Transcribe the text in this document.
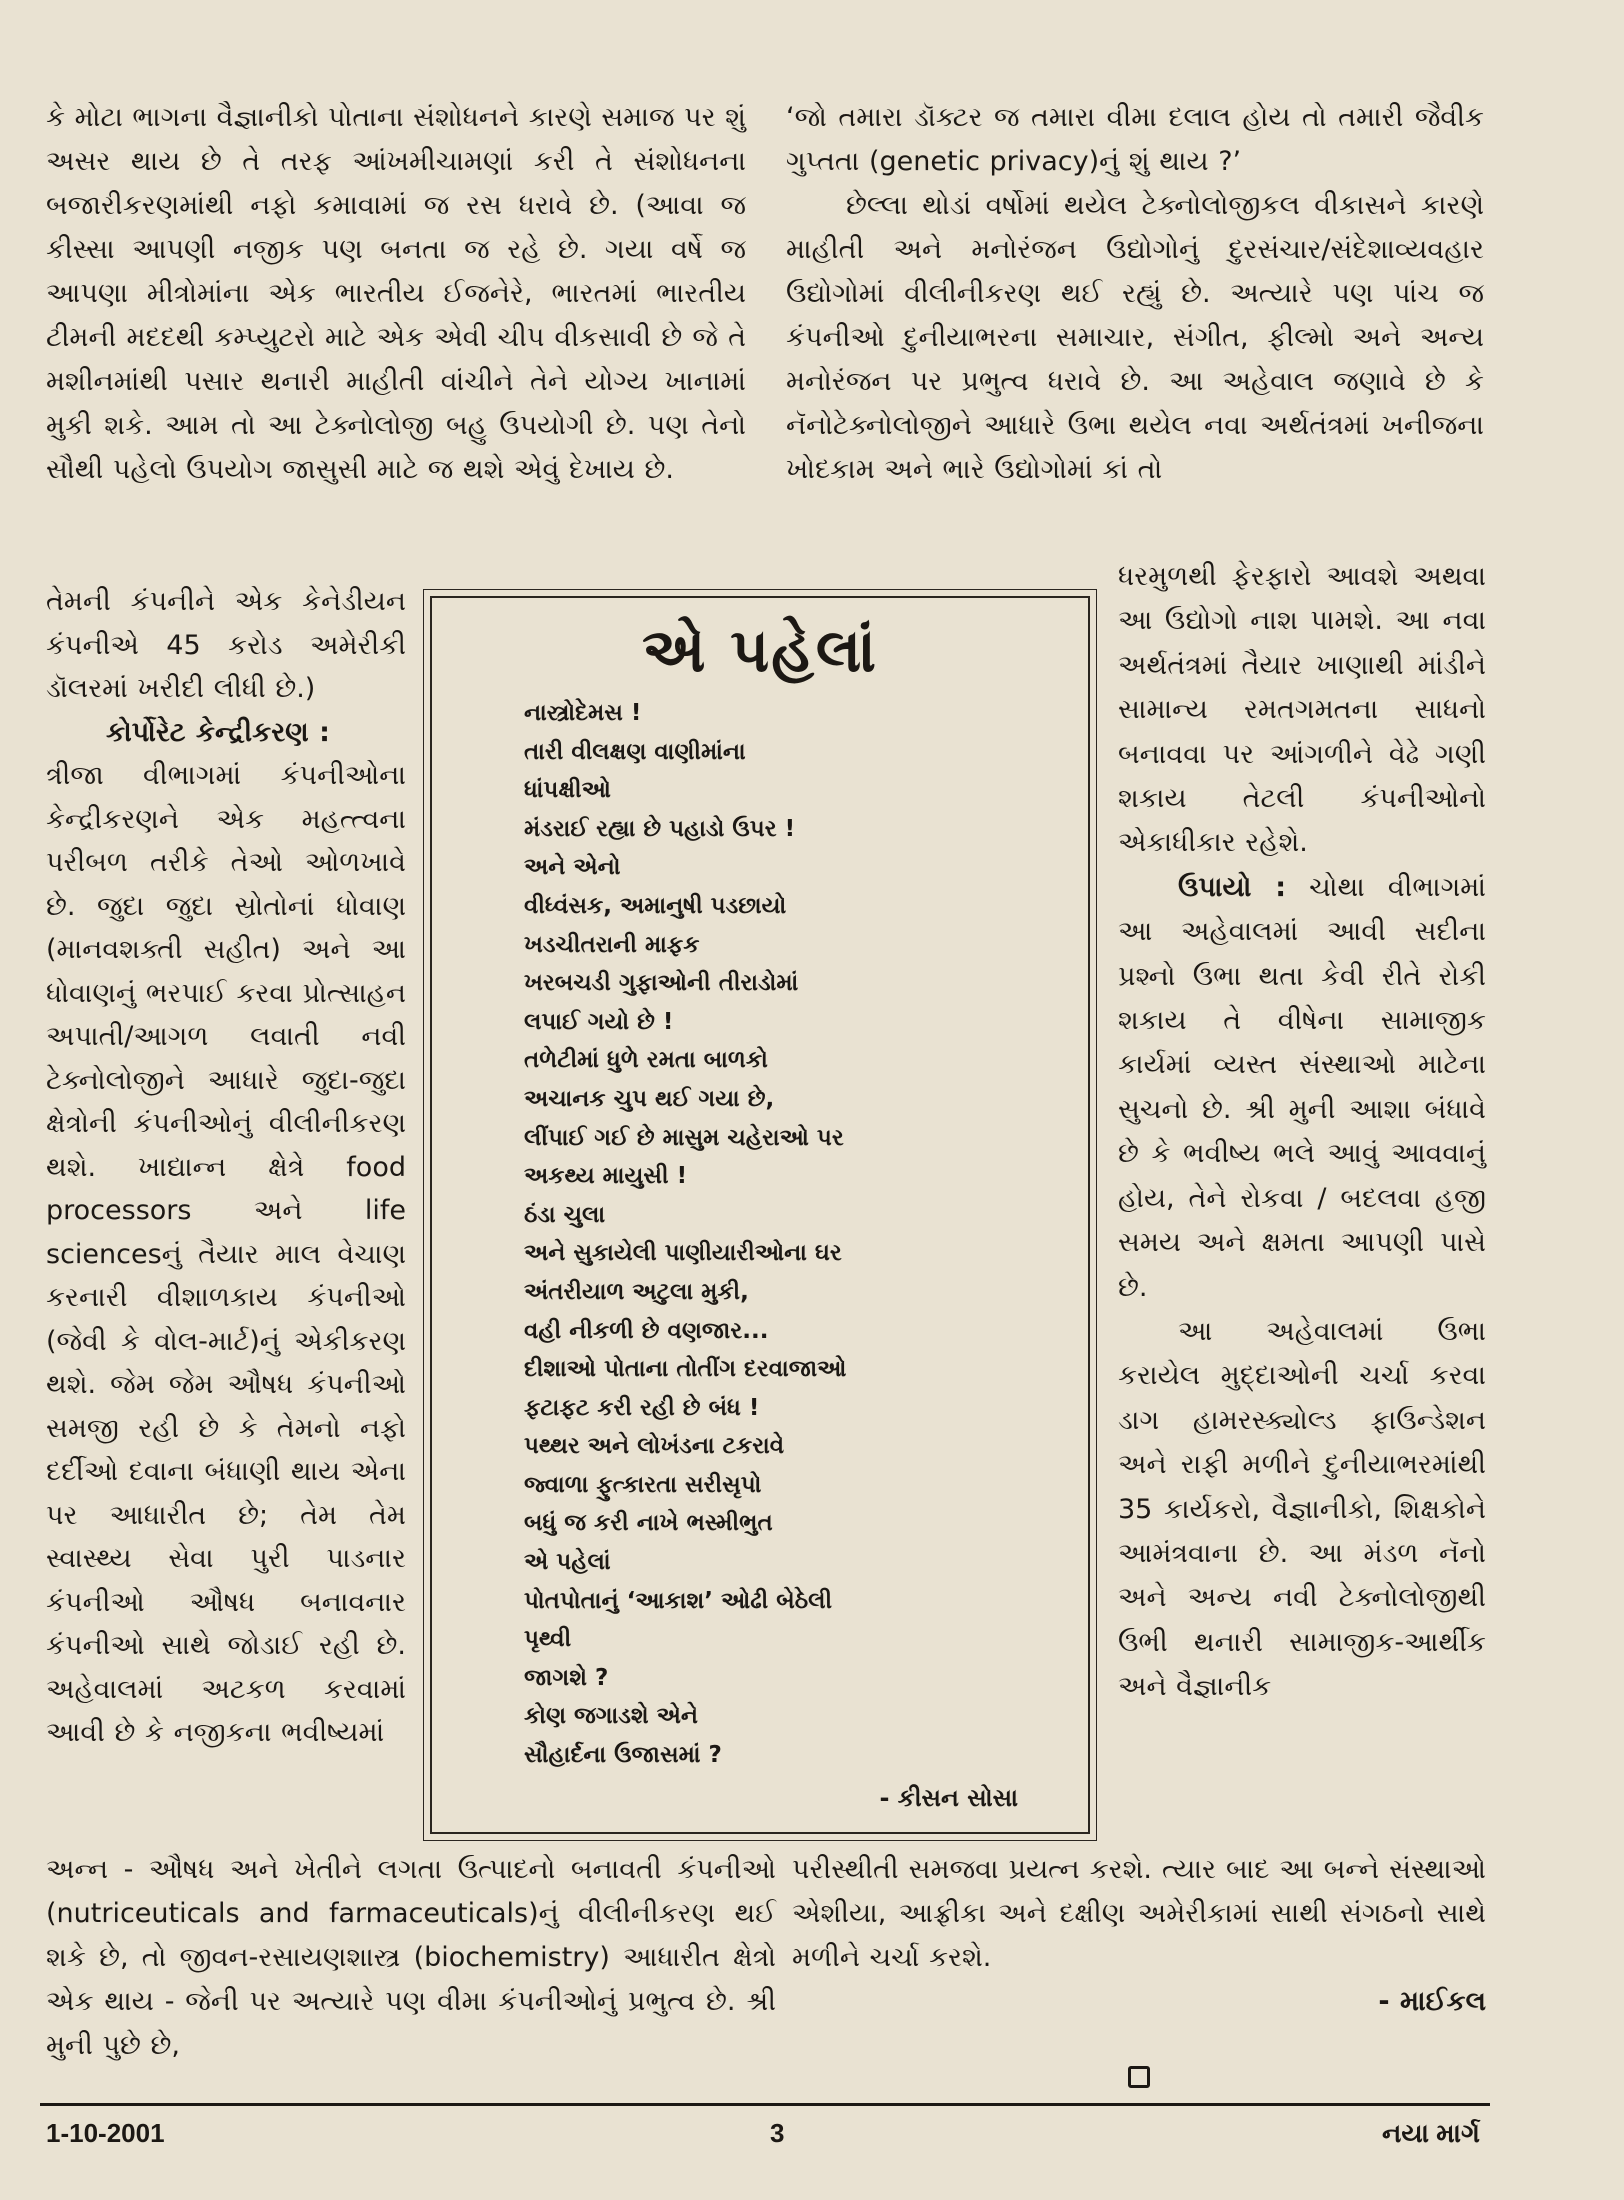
કે મોટા ભાગના વૈજ્ઞાનીકો પોતાના સંશોધનને કારણે સમાજ પર શું અસર થાય છે તે તરફ આંખમીચામણાં કરી તે સંશોધનના બજારીકરણમાંથી નફો કમાવામાં જ રસ ધરાવે છે. (આવા જ કીસ્સા આપણી નજીક પણ બનતા જ રહે છે. ગયા વર્ષે જ આપણા મીત્રોમાંના એક ભારતીય ઈજનેરે, ભારતમાં ભારતીય ટીમની મદદથી કમ્પ્યુટરો માટે એક એવી ચીપ વીકસાવી છે જે તે મશીનમાંથી પસાર થનારી માહીતી વાંચીને તેને યોગ્ય ખાનામાં મુકી શકે. આમ તો આ ટેક્નોલોજી બહુ ઉપયોગી છે. પણ તેનો સૌથી પહેલો ઉપયોગ જાસુસી માટે જ થશે એવું દેખાય છે.

તેમની કંપનીને એક કેનેડીયન કંપનીએ 45 કરોડ અમેરીકી ડૉલરમાં ખરીદી લીધી છે.)

કોર્પોરેટ કેન્દ્રીકરણ :

ત્રીજા વીભાગમાં કંપનીઓના કેન્દ્રીકરણને એક મહત્ત્વના પરીબળ તરીકે તેઓ ઓળખાવે છે. જુદા જુદા સ્રોતોનાં ધોવાણ (માનવશક્તી સહીત) અને આ ધોવાણનું ભરપાઈ કરવા પ્રોત્સાહન અપાતી/આગળ લવાતી નવી ટેક્નોલોજીને આધારે જુદા-જુદા ક્ષેત્રોની કંપનીઓનું વીલીનીકરણ થશે. ખાદ્યાન્ન ક્ષેત્રે food processors અને life sciencesનું તૈયાર માલ વેચાણ કરનારી વીશાળકાય કંપનીઓ (જેવી કે વોલ-માર્ટ)નું એકીકરણ થશે. જેમ જેમ ઔષધ કંપનીઓ સમજી રહી છે કે તેમનો નફો દર્દીઓ દવાના બંધાણી થાય એના પર આધારીત છે; તેમ તેમ સ્વાસ્થ્ય સેવા પુરી પાડનાર કંપનીઓ ઔષધ બનાવનાર કંપનીઓ સાથે જોડાઈ રહી છે. અહેવાલમાં અટકળ કરવામાં આવી છે કે નજીકના ભવીષ્યમાં

અન્ન - ઔષધ અને ખેતીને લગતા ઉત્પાદનો બનાવતી કંપનીઓ (nutriceuticals and farmaceuticals)નું વીલીનીકરણ થઈ શકે છે, તો જીવન-રસાયણશાસ્ત્ર (biochemistry) આધારીત ક્ષેત્રો એક થાય - જેની પર અત્યારે પણ વીમા કંપનીઓનું પ્રભુત્વ છે. શ્રી મુની પુછે છે,

‘જો તમારા ડૉક્ટર જ તમારા વીમા દલાલ હોય તો તમારી જૈવીક ગુપ્તતા (genetic privacy)નું શું થાય ?’

છેલ્લા થોડાં વર્ષોમાં થયેલ ટેક્નોલોજીકલ વીકાસને કારણે માહીતી અને મનોરંજન ઉદ્યોગોનું દુરસંચાર/સંદેશાવ્યવહાર ઉદ્યોગોમાં વીલીનીકરણ થઈ રહ્યું છે. અત્યારે પણ પાંચ જ કંપનીઓ દુનીયાભરના સમાચાર, સંગીત, ફીલ્મો અને અન્ય મનોરંજન પર પ્રભુત્વ ધરાવે છે. આ અહેવાલ જણાવે છે કે નૅનોટેક્નોલોજીને આધારે ઉભા થયેલ નવા અર્થતંત્રમાં ખનીજના ખોદકામ અને ભારે ઉદ્યોગોમાં કાં તો

ધરમુળથી ફેરફારો આવશે અથવા આ ઉદ્યોગો નાશ પામશે. આ નવા અર્થતંત્રમાં તૈયાર ખાણાથી માંડીને સામાન્ય રમતગમતના સાધનો બનાવવા પર આંગળીને વેઢે ગણી શકાય તેટલી કંપનીઓનો એકાધીકાર રહેશે.

ઉપાયો : ચોથા વીભાગમાં આ અહેવાલમાં આવી સદીના પ્રશ્નો ઉભા થતા કેવી રીતે રોકી શકાય તે વીષેના સામાજીક કાર્યમાં વ્યસ્ત સંસ્થાઓ માટેના સુચનો છે. શ્રી મુની આશા બંધાવે છે કે ભવીષ્ય ભલે આવું આવવાનું હોય, તેને રોકવા / બદલવા હજી સમય અને ક્ષમતા આપણી પાસે છે.

આ અહેવાલમાં ઉભા કરાયેલ મુદ્દાઓની ચર્ચા કરવા ડાગ હામરસ્ક્યોલ્ડ ફાઉન્ડેશન અને રાફી મળીને દુનીયાભરમાંથી 35 કાર્યકરો, વૈજ્ઞાનીકો, શિક્ષકોને આમંત્રવાના છે. આ મંડળ નૅનો અને અન્ય નવી ટેક્નોલોજીથી ઉભી થનારી સામાજીક-આર્થીક અને વૈજ્ઞાનીક

પરીસ્થીતી સમજવા પ્રયત્ન કરશે. ત્યાર બાદ આ બન્ને સંસ્થાઓ એશીયા, આફ્રીકા અને દક્ષીણ અમેરીકામાં સાથી સંગઠનો સાથે મળીને ચર્ચા કરશે.

- માઈકલ

એ પહેલાં
નાસ્ત્રોદેમસ !
તારી વીલક્ષણ વાણીમાંના
ધાંપક્ષીઓ
મંડરાઈ રહ્યા છે પહાડો ઉપર !
અને એનો
વીધ્વંસક, અમાનુષી પડછાયો
ખડચીતરાની માફક
ખરબચડી ગુફાઓની તીરાડોમાં
લપાઈ ગયો છે !
તળેટીમાં ધુળે રમતા બાળકો
અચાનક ચુપ થઈ ગયા છે,
લીંપાઈ ગઈ છે માસુમ ચહેરાઓ પર
અકથ્ય માયુસી !
ઠંડા ચુલા
અને સુકાયેલી પાણીયારીઓના ઘર
અંતરીયાળ અટુલા મુકી,
વહી નીકળી છે વણજાર...
દીશાઓ પોતાના તોતીંગ દરવાજાઓ
ફટાફટ કરી રહી છે બંધ !
પથ્થર અને લોખંડના ટકરાવે
જ્વાળા ફુત્કારતા સરીસૃપો
બધું જ કરી નાખે ભસ્મીભુત
એ પહેલાં
પોતપોતાનું ‘આકાશ’ ઓઢી બેઠેલી
પૃથ્વી
જાગશે ?
કોણ જગાડશે એને
સૌહાર્દના ઉજાસમાં ?
- કીસન સોસા
1-10-2001	3	નયા માર્ગ
